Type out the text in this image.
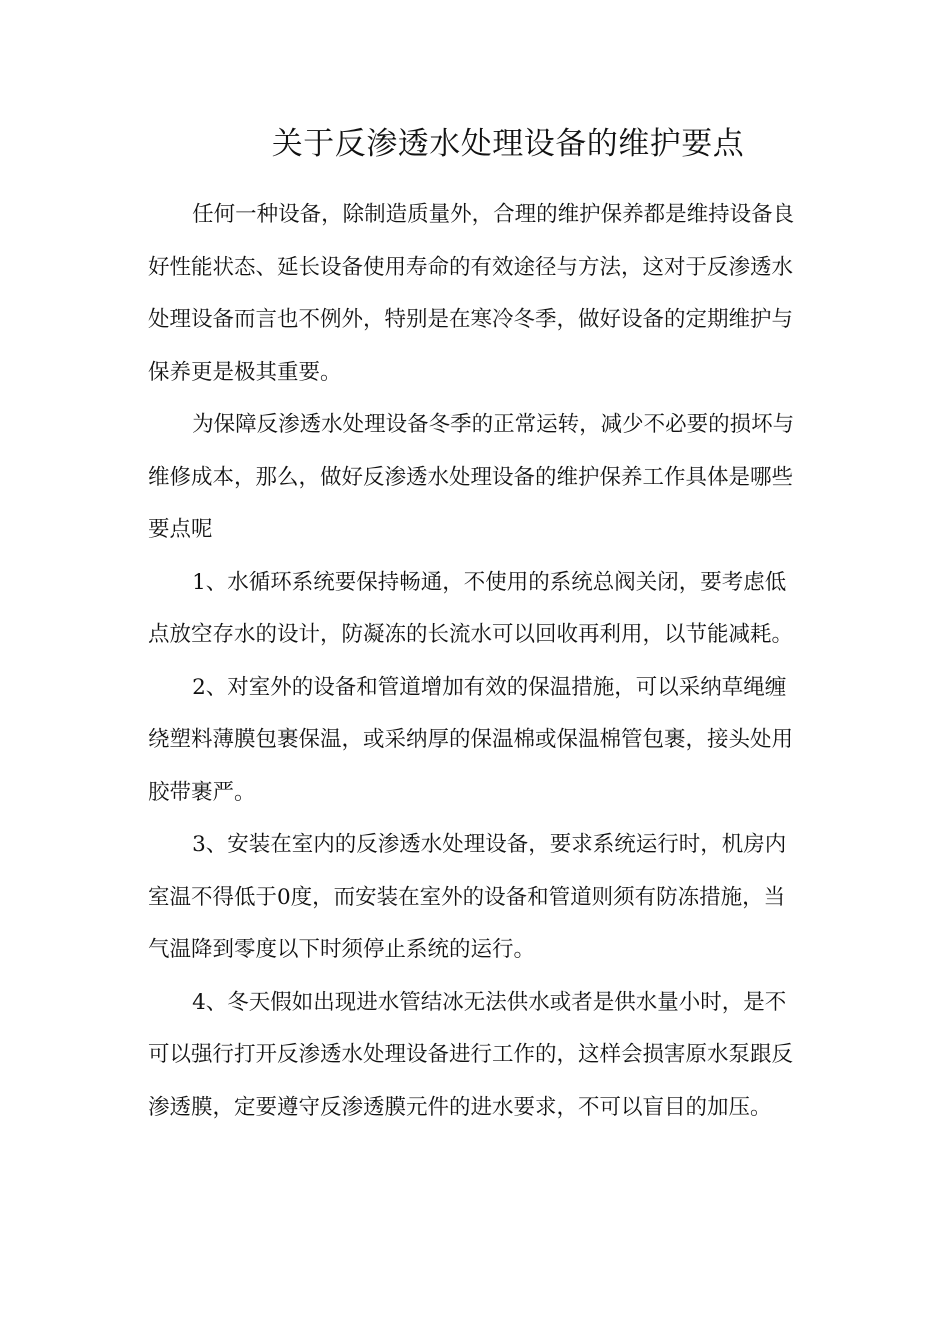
关于反渗透水处理设备的维护要点

任何一种设备，除制造质量外，合理的维护保养都是维持设备良好性能状态、延长设备使用寿命的有效途径与方法，这对于反渗透水处理设备而言也不例外，特别是在寒冷冬季，做好设备的定期维护与保养更是极其重要。

为保障反渗透水处理设备冬季的正常运转，减少不必要的损坏与维修成本，那么，做好反渗透水处理设备的维护保养工作具体是哪些要点呢

1、水循环系统要保持畅通，不使用的系统总阀关闭，要考虑低点放空存水的设计，防凝冻的长流水可以回收再利用，以节能减耗。

2、对室外的设备和管道增加有效的保温措施，可以采纳草绳缠绕塑料薄膜包裹保温，或采纳厚的保温棉或保温棉管包裹，接头处用胶带裹严。

3、安装在室内的反渗透水处理设备，要求系统运行时，机房内室温不得低于0度，而安装在室外的设备和管道则须有防冻措施，当气温降到零度以下时须停止系统的运行。

4、冬天假如出现进水管结冰无法供水或者是供水量小时，是不可以强行打开反渗透水处理设备进行工作的，这样会损害原水泵跟反渗透膜，定要遵守反渗透膜元件的进水要求，不可以盲目的加压。
